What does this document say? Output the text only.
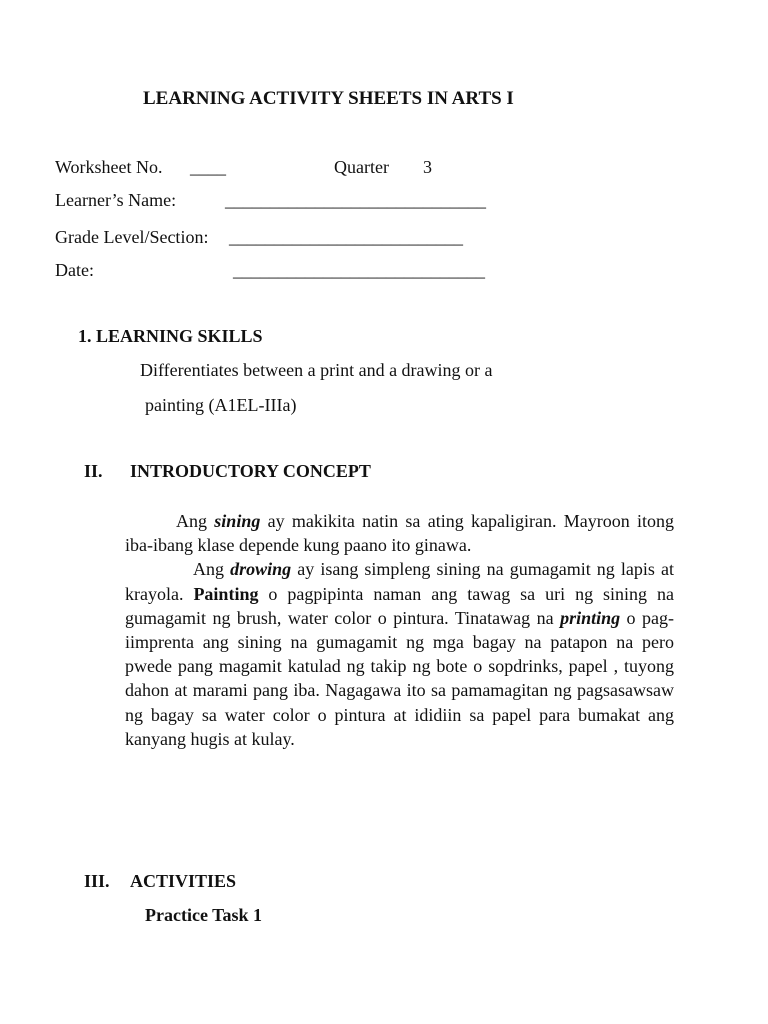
LEARNING ACTIVITY SHEETS IN ARTS I
Worksheet No. ____	Quarter 3
Learner’s Name:	_____________________________
Grade Level/Section: __________________________
Date:	____________________________
1. LEARNING SKILLS
Differentiates between a print and a drawing or a
painting (A1EL-IIIa)
II. INTRODUCTORY CONCEPT

Ang sining ay makikita natin sa ating kapaligiran. Mayroon itong iba-ibang klase depende kung paano ito ginawa.

Ang drowing ay isang simpleng sining na gumagamit ng lapis at krayola. Painting o pagpipinta naman ang tawag sa uri ng sining na gumagamit ng brush, water color o pintura. Tinatawag na printing o pag-iimprenta ang sining na gumagamit ng mga bagay na patapon na pero pwede pang magamit katulad ng takip ng bote o sopdrinks, papel , tuyong dahon at marami pang iba. Nagagawa ito sa pamamagitan ng pagsasawsaw ng bagay sa water color o pintura at ididiin sa papel para bumakat ang kanyang hugis at kulay.

III. ACTIVITIES
Practice Task 1
